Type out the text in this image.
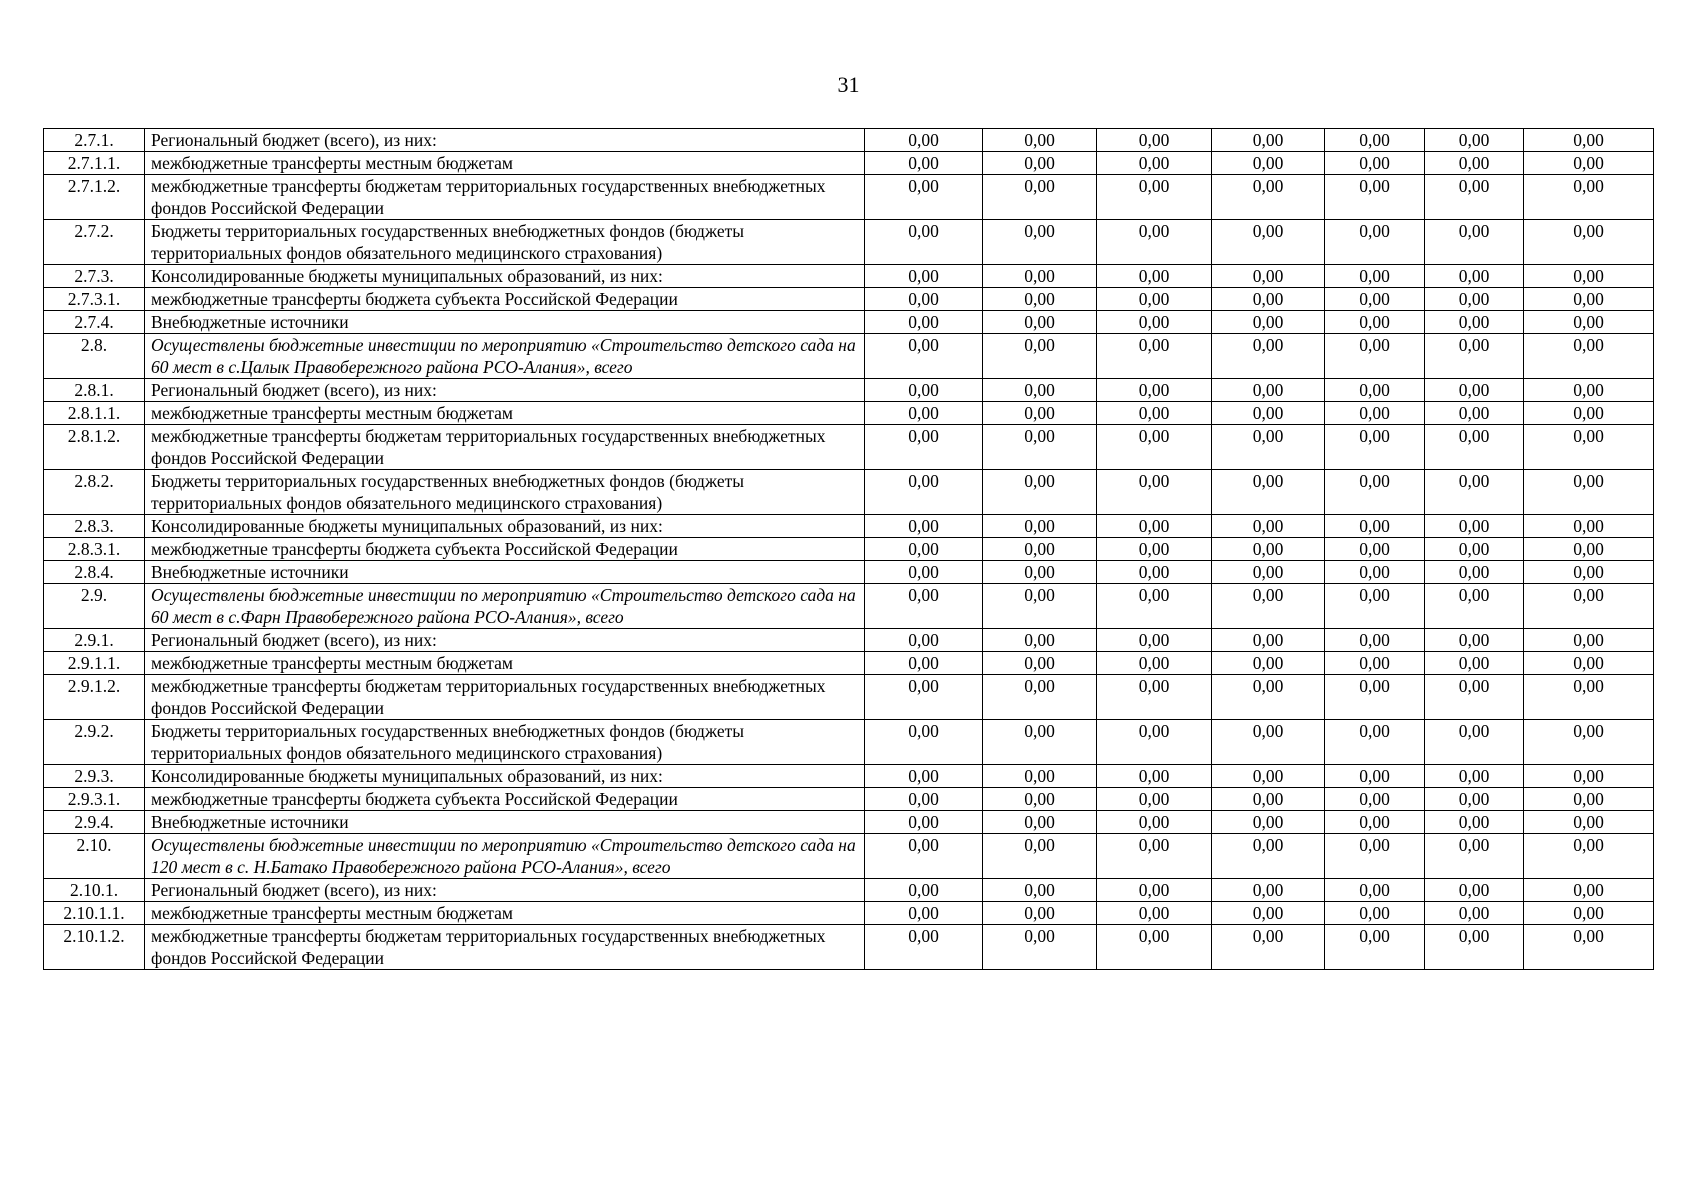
31
2.7.1.	Региональный бюджет (всего), из них:	0,00	0,00	0,00	0,00	0,00	0,00	0,00
2.7.1.1.	межбюджетные трансферты местным бюджетам	0,00	0,00	0,00	0,00	0,00	0,00	0,00
2.7.1.2.	межбюджетные трансферты бюджетам территориальных государственных внебюджетных фондов Российской Федерации	0,00	0,00	0,00	0,00	0,00	0,00	0,00
2.7.2.	Бюджеты территориальных государственных внебюджетных фондов (бюджеты территориальных фондов обязательного медицинского страхования)	0,00	0,00	0,00	0,00	0,00	0,00	0,00
2.7.3.	Консолидированные бюджеты муниципальных образований, из них:	0,00	0,00	0,00	0,00	0,00	0,00	0,00
2.7.3.1.	межбюджетные трансферты бюджета субъекта Российской Федерации	0,00	0,00	0,00	0,00	0,00	0,00	0,00
2.7.4.	Внебюджетные источники	0,00	0,00	0,00	0,00	0,00	0,00	0,00
2.8.	Осуществлены бюджетные инвестиции по мероприятию «Строительство детского сада на 60 мест в с.Цалык Правобережного района РСО-Алания», всего	0,00	0,00	0,00	0,00	0,00	0,00	0,00
2.8.1.	Региональный бюджет (всего), из них:	0,00	0,00	0,00	0,00	0,00	0,00	0,00
2.8.1.1.	межбюджетные трансферты местным бюджетам	0,00	0,00	0,00	0,00	0,00	0,00	0,00
2.8.1.2.	межбюджетные трансферты бюджетам территориальных государственных внебюджетных фондов Российской Федерации	0,00	0,00	0,00	0,00	0,00	0,00	0,00
2.8.2.	Бюджеты территориальных государственных внебюджетных фондов (бюджеты территориальных фондов обязательного медицинского страхования)	0,00	0,00	0,00	0,00	0,00	0,00	0,00
2.8.3.	Консолидированные бюджеты муниципальных образований, из них:	0,00	0,00	0,00	0,00	0,00	0,00	0,00
2.8.3.1.	межбюджетные трансферты бюджета субъекта Российской Федерации	0,00	0,00	0,00	0,00	0,00	0,00	0,00
2.8.4.	Внебюджетные источники	0,00	0,00	0,00	0,00	0,00	0,00	0,00
2.9.	Осуществлены бюджетные инвестиции по мероприятию «Строительство детского сада на 60 мест в с.Фарн Правобережного района РСО-Алания», всего	0,00	0,00	0,00	0,00	0,00	0,00	0,00
2.9.1.	Региональный бюджет (всего), из них:	0,00	0,00	0,00	0,00	0,00	0,00	0,00
2.9.1.1.	межбюджетные трансферты местным бюджетам	0,00	0,00	0,00	0,00	0,00	0,00	0,00
2.9.1.2.	межбюджетные трансферты бюджетам территориальных государственных внебюджетных фондов Российской Федерации	0,00	0,00	0,00	0,00	0,00	0,00	0,00
2.9.2.	Бюджеты территориальных государственных внебюджетных фондов (бюджеты территориальных фондов обязательного медицинского страхования)	0,00	0,00	0,00	0,00	0,00	0,00	0,00
2.9.3.	Консолидированные бюджеты муниципальных образований, из них:	0,00	0,00	0,00	0,00	0,00	0,00	0,00
2.9.3.1.	межбюджетные трансферты бюджета субъекта Российской Федерации	0,00	0,00	0,00	0,00	0,00	0,00	0,00
2.9.4.	Внебюджетные источники	0,00	0,00	0,00	0,00	0,00	0,00	0,00
2.10.	Осуществлены бюджетные инвестиции по мероприятию «Строительство детского сада на 120 мест в с. Н.Батако Правобережного района РСО-Алания», всего	0,00	0,00	0,00	0,00	0,00	0,00	0,00
2.10.1.	Региональный бюджет (всего), из них:	0,00	0,00	0,00	0,00	0,00	0,00	0,00
2.10.1.1.	межбюджетные трансферты местным бюджетам	0,00	0,00	0,00	0,00	0,00	0,00	0,00
2.10.1.2.	межбюджетные трансферты бюджетам территориальных государственных внебюджетных фондов Российской Федерации	0,00	0,00	0,00	0,00	0,00	0,00	0,00
